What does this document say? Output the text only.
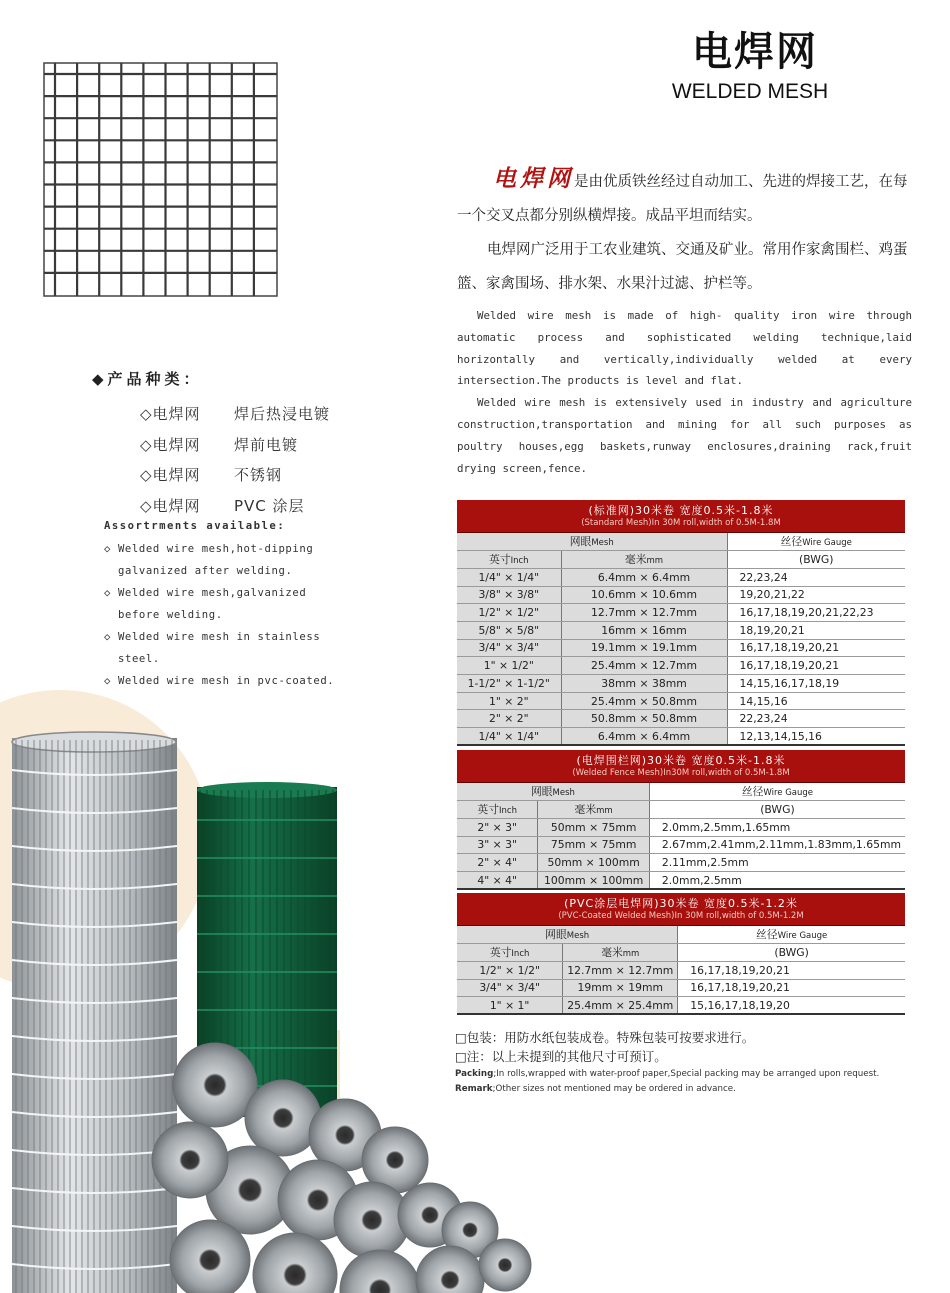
电焊网
WELDED MESH

电焊网是由优质铁丝经过自动加工、先进的焊接工艺，在每一个交叉点都分别纵横焊接。成品平坦而结实。

电焊网广泛用于工农业建筑、交通及矿业。常用作家禽围栏、鸡蛋篮、家禽围场、排水架、水果汁过滤、护栏等。

Welded wire mesh is made of high- quality iron wire through automatic process and sophisticated welding technique,laid horizontally and vertically,individually welded at every intersection.The products is level and flat.

Welded wire mesh is extensively used in industry and agriculture construction,transportation and mining for all such purposes as poultry houses,egg baskets,runway enclosures,draining rack,fruit drying screen,fence.

◆产品种类：
◇电焊网	焊后热浸电镀
◇电焊网	焊前电镀
◇电焊网	不锈钢
◇电焊网	PVC 涂层
Assortrments available:
◇ Welded wire mesh,hot-dipping galvanized after welding.
◇ Welded wire mesh,galvanized before welding.
◇ Welded wire mesh in stainless steel.
◇ Welded wire mesh in pvc-coated.
(标准网)30米卷 宽度0.5米-1.8米
(Standard Mesh)In 30M roll,width of 0.5M-1.8M
网眼Mesh		丝径Wire Gauge
英寸Inch	毫米mm	(BWG)
1/4" × 1/4"	6.4mm × 6.4mm	22,23,24
3/8" × 3/8"	10.6mm × 10.6mm	19,20,21,22
1/2" × 1/2"	12.7mm × 12.7mm	16,17,18,19,20,21,22,23
5/8" × 5/8"	16mm × 16mm	18,19,20,21
3/4" × 3/4"	19.1mm × 19.1mm	16,17,18,19,20,21
1" × 1/2"	25.4mm × 12.7mm	16,17,18,19,20,21
1-1/2" × 1-1/2"	38mm × 38mm	14,15,16,17,18,19
1" × 2"	25.4mm × 50.8mm	14,15,16
2" × 2"	50.8mm × 50.8mm	22,23,24
1/4" × 1/4"	6.4mm × 6.4mm	12,13,14,15,16
(电焊围栏网)30米卷 宽度0.5米-1.8米
(Welded Fence Mesh)In30M roll,width of 0.5M-1.8M
网眼Mesh		丝径Wire Gauge
英寸Inch	毫米mm	(BWG)
2" × 3"	50mm × 75mm	2.0mm,2.5mm,1.65mm
3" × 3"	75mm × 75mm	2.67mm,2.41mm,2.11mm,1.83mm,1.65mm
2" × 4"	50mm × 100mm	2.11mm,2.5mm
4" × 4"	100mm × 100mm	2.0mm,2.5mm
(PVC涂层电焊网)30米卷 宽度0.5米-1.2米
(PVC-Coated Welded Mesh)In 30M roll,width of 0.5M-1.2M
网眼Mesh		丝径Wire Gauge
英寸Inch	毫米mm	(BWG)
1/2" × 1/2"	12.7mm × 12.7mm	16,17,18,19,20,21
3/4" × 3/4"	19mm × 19mm	16,17,18,19,20,21
1" × 1"	25.4mm × 25.4mm	15,16,17,18,19,20
□包装：用防水纸包装成卷。特殊包装可按要求进行。
□注：以上未提到的其他尺寸可预订。
Packing;In rolls,wrapped with water-proof paper,Special packing may be arranged upon request.
Remark;Other sizes not mentioned may be ordered in advance.
